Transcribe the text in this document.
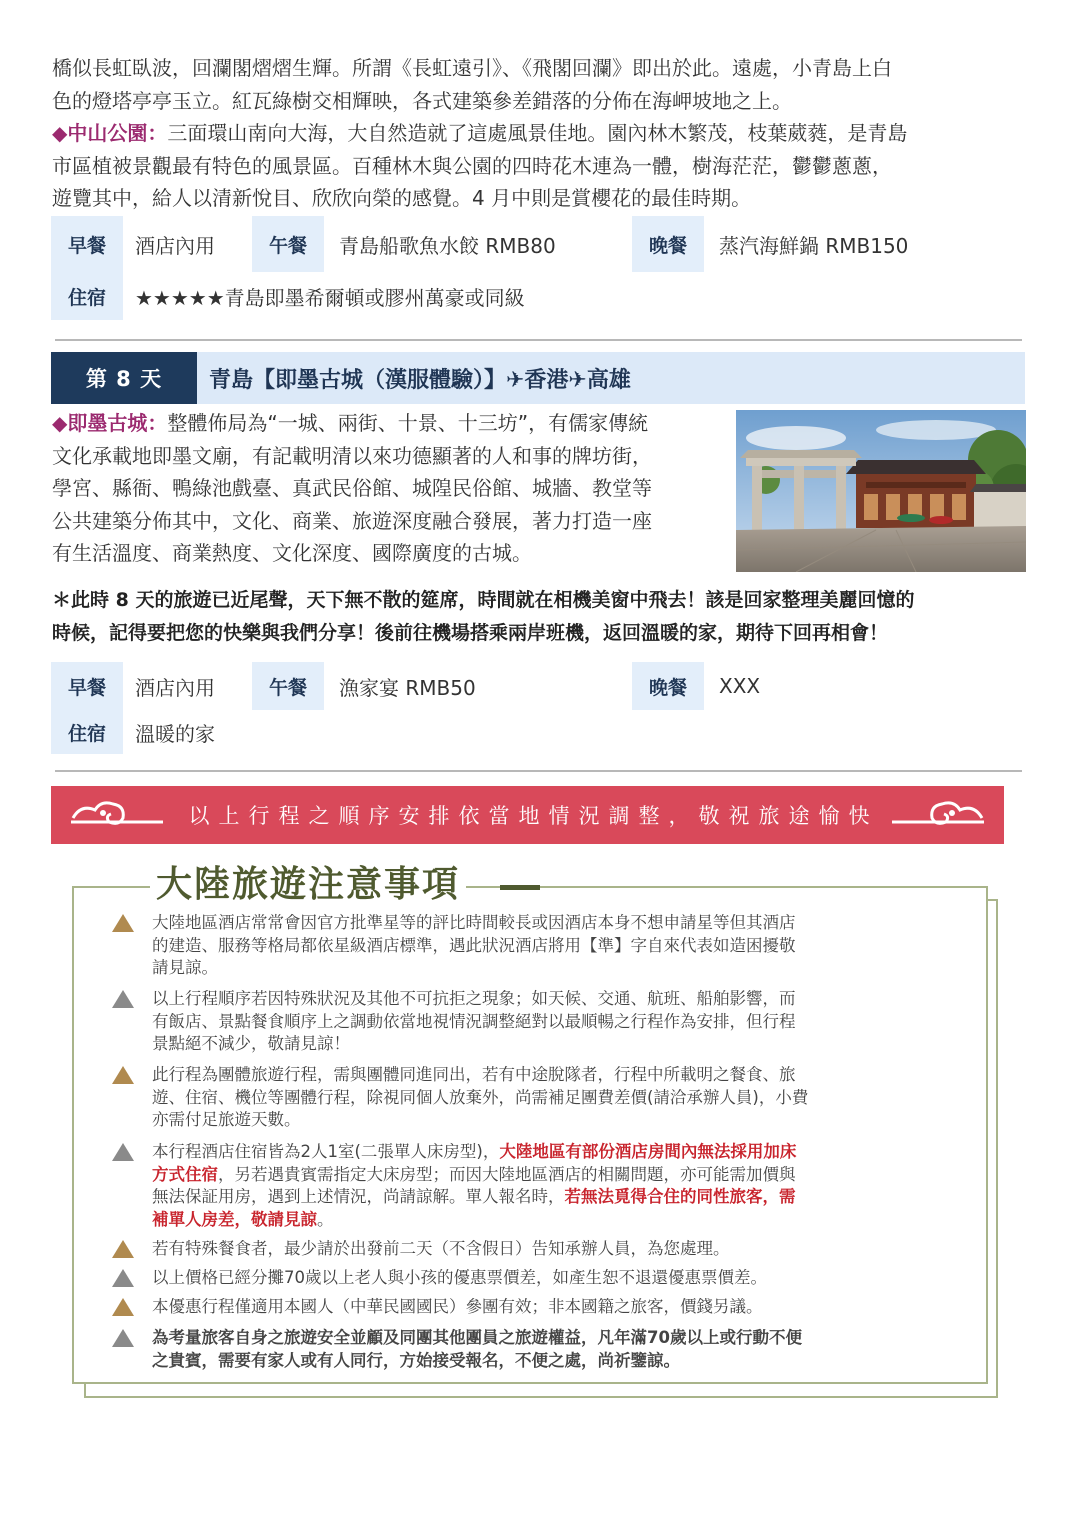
橋似長虹臥波，回瀾閣熠熠生輝。所謂《長虹遠引》、《飛閣回瀾》即出於此。遠處，小青島上白

色的燈塔亭亭玉立。紅瓦綠樹交相輝映，各式建築參差錯落的分佈在海岬坡地之上。

◆中山公園：三面環山南向大海，大自然造就了這處風景佳地。園內林木繁茂，枝葉葳蕤，是青島

市區植被景觀最有特色的風景區。百種林木與公園的四時花木連為一體，樹海茫茫，鬱鬱蔥蔥，

遊覽其中，給人以清新悅目、欣欣向榮的感覺。4 月中則是賞櫻花的最佳時期。

早餐	酒店內用	午餐	青島船歌魚水餃 RMB80	晚餐	蒸汽海鮮鍋 RMB150
住宿	★★★★★青島即墨希爾頓或膠州萬豪或同級
第 8 天	青島【即墨古城（漢服體驗）】✈香港✈高雄

◆即墨古城：整體佈局為“一城、兩街、十景、十三坊”，有儒家傳統

文化承載地即墨文廟，有記載明清以來功德顯著的人和事的牌坊街，

學宮、縣衙、鴨綠池戲臺、真武民俗館、城隍民俗館、城牆、教堂等

公共建築分佈其中，文化、商業、旅遊深度融合發展，著力打造一座

有生活溫度、商業熱度、文化深度、國際廣度的古城。

＊此時 8 天的旅遊已近尾聲，天下無不散的筵席，時間就在相機美窗中飛去！該是回家整理美麗回憶的

時候，記得要把您的快樂與我們分享！後前往機場搭乘兩岸班機，返回溫暖的家，期待下回再相會！

早餐	酒店內用	午餐	漁家宴 RMB50	晚餐	XXX
住宿	溫暖的家
以上行程之順序安排依當地情況調整，敬祝旅途愉快
大陸旅遊注意事項

大陸地區酒店常常會因官方批準星等的評比時間較長或因酒店本身不想申請星等但其酒店

的建造、服務等格局都依星級酒店標準，遇此狀況酒店將用【準】字自來代表如造困擾敬

請見諒。

以上行程順序若因特殊狀況及其他不可抗拒之現象；如天候、交通、航班、船舶影響，而

有飯店、景點餐食順序上之調動依當地視情況調整絕對以最順暢之行程作為安排，但行程

景點絕不減少，敬請見諒！

此行程為團體旅遊行程，需與團體同進同出，若有中途脫隊者，行程中所載明之餐食、旅

遊、住宿、機位等團體行程，除視同個人放棄外，尚需補足團費差價(請洽承辦人員)，小費

亦需付足旅遊天數。

本行程酒店住宿皆為2人1室(二張單人床房型)，大陸地區有部份酒店房間內無法採用加床

方式住宿，另若遇貴賓需指定大床房型；而因大陸地區酒店的相關問題，亦可能需加價與

無法保証用房，遇到上述情況，尚請諒解。單人報名時，若無法覓得合住的同性旅客，需

補單人房差，敬請見諒。

若有特殊餐食者，最少請於出發前二天（不含假日）告知承辦人員，為您處理。

以上價格已經分攤70歲以上老人與小孩的優惠票價差，如產生恕不退還優惠票價差。

本優惠行程僅適用本國人（中華民國國民）參團有效；非本國籍之旅客，價錢另議。

為考量旅客自身之旅遊安全並顧及同團其他團員之旅遊權益，凡年滿70歲以上或行動不便

之貴賓，需要有家人或有人同行，方始接受報名，不便之處，尚祈鑒諒。
